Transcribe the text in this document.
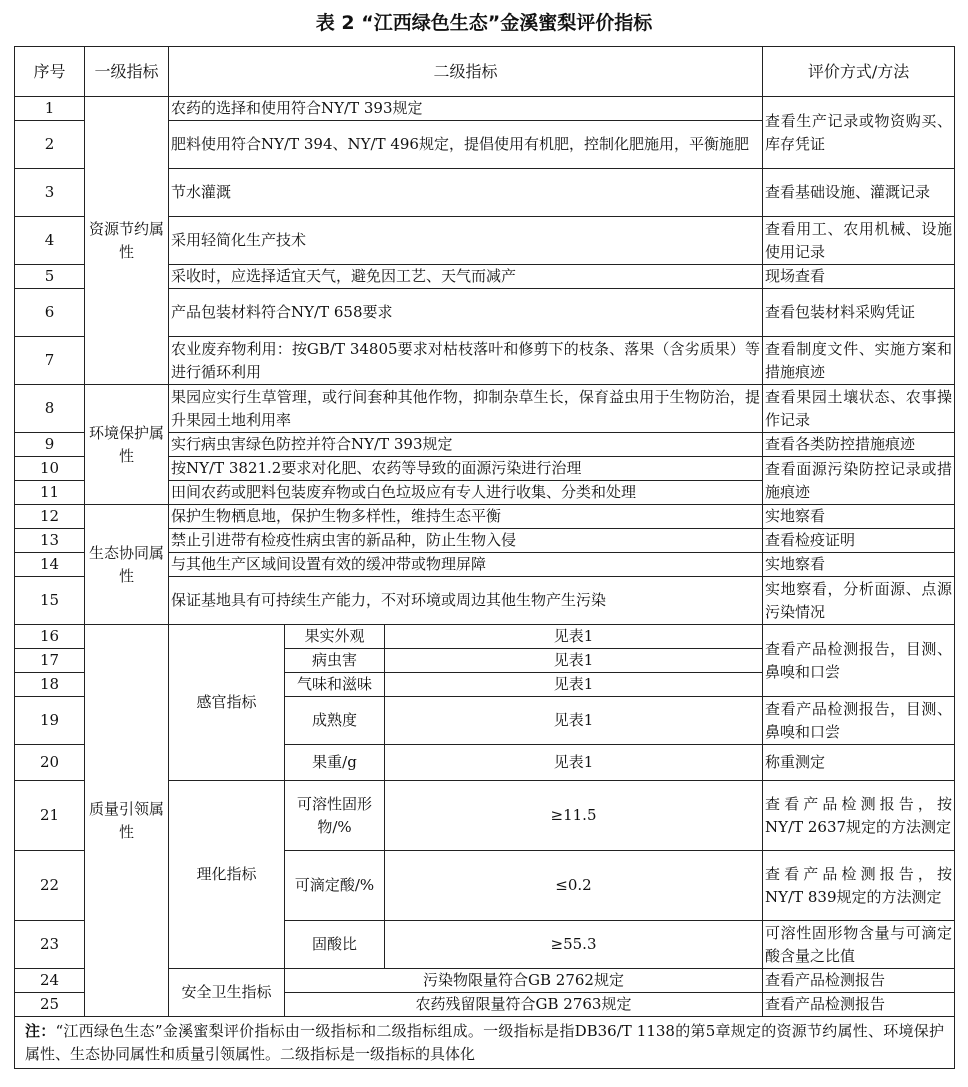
表 2 “江西绿色生态”金溪蜜梨评价指标
序号	一级指标	二级指标			评价方式/方法
1	资源节约属性	农药的选择和使用符合NY/T 393规定			查看生产记录或物资购买、库存凭证
2		肥料使用符合NY/T 394、NY/T 496规定，提倡使用有机肥，控制化肥施用，平衡施肥			
3		节水灌溉			查看基础设施、灌溉记录
4		采用轻简化生产技术			查看用工、农用机械、设施使用记录
5		采收时，应选择适宜天气，避免因工艺、天气而减产			现场查看
6		产品包装材料符合NY/T 658要求			查看包装材料采购凭证
7		农业废弃物利用：按GB/T 34805要求对枯枝落叶和修剪下的枝条、落果（含劣质果）等进行循环利用			查看制度文件、实施方案和措施痕迹
8	环境保护属性	果园应实行生草管理，或行间套种其他作物，抑制杂草生长，保育益虫用于生物防治，提升果园土地利用率			查看果园土壤状态、农事操作记录
9		实行病虫害绿色防控并符合NY/T 393规定			查看各类防控措施痕迹
10		按NY/T 3821.2要求对化肥、农药等导致的面源污染进行治理			查看面源污染防控记录或措施痕迹
11		田间农药或肥料包装废弃物或白色垃圾应有专人进行收集、分类和处理			
12	生态协同属性	保护生物栖息地，保护生物多样性，维持生态平衡			实地察看
13		禁止引进带有检疫性病虫害的新品种，防止生物入侵			查看检疫证明
14		与其他生产区域间设置有效的缓冲带或物理屏障			实地察看
15		保证基地具有可持续生产能力，不对环境或周边其他生物产生污染			实地察看，分析面源、点源污染情况
16	质量引领属性	感官指标	果实外观	见表1	查看产品检测报告，目测、鼻嗅和口尝
17			病虫害	见表1	
18			气味和滋味	见表1	
19			成熟度	见表1	查看产品检测报告，目测、鼻嗅和口尝
20			果重/g	见表1	称重测定
21		理化指标	可溶性固形物/%	≥11.5	查看产品检测报告，按NY/T 2637规定的方法测定
22			可滴定酸/%	≤0.2	查看产品检测报告，按NY/T 839规定的方法测定
23			固酸比	≥55.3	可溶性固形物含量与可滴定酸含量之比值
24		安全卫生指标	污染物限量符合GB 2762规定		查看产品检测报告
25			农药残留限量符合GB 2763规定		查看产品检测报告
注：“江西绿色生态”金溪蜜梨评价指标由一级指标和二级指标组成。一级指标是指DB36/T 1138的第5章规定的资源节约属性、环境保护属性、生态协同属性和质量引领属性。二级指标是一级指标的具体化					
